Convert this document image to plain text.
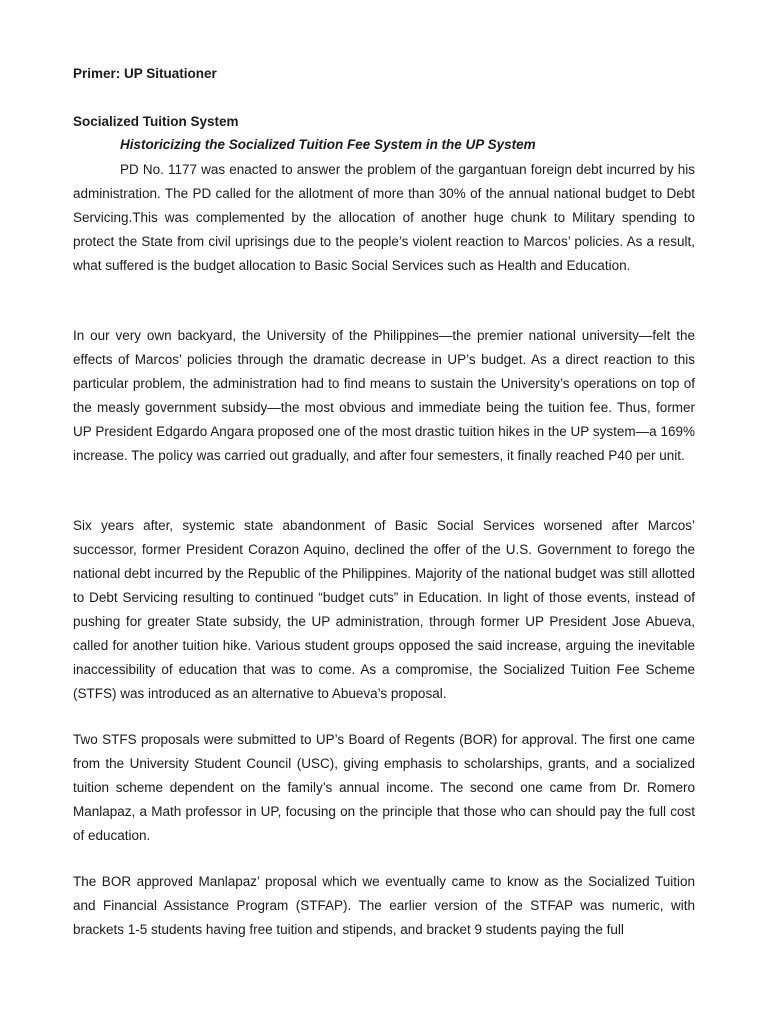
Primer: UP Situationer
Socialized Tuition System
Historicizing the Socialized Tuition Fee System in the UP System

PD No. 1177 was enacted to answer the problem of the gargantuan foreign debt incurred by his administration. The PD called for the allotment of more than 30% of the annual national budget to Debt Servicing.This was complemented by the allocation of another huge chunk to Military spending to protect the State from civil uprisings due to the people’s violent reaction to Marcos’ policies. As a result, what suffered is the budget allocation to Basic Social Services such as Health and Education.

In our very own backyard, the University of the Philippines—the premier national university—felt the effects of Marcos’ policies through the dramatic decrease in UP’s budget. As a direct reaction to this particular problem, the administration had to find means to sustain the University’s operations on top of the measly government subsidy—the most obvious and immediate being the tuition fee. Thus, former UP President Edgardo Angara proposed one of the most drastic tuition hikes in the UP system—a 169% increase. The policy was carried out gradually, and after four semesters, it finally reached P40 per unit.

Six years after, systemic state abandonment of Basic Social Services worsened after Marcos’ successor, former President Corazon Aquino, declined the offer of the U.S. Government to forego the national debt incurred by the Republic of the Philippines. Majority of the national budget was still allotted to Debt Servicing resulting to continued “budget cuts” in Education. In light of those events, instead of pushing for greater State subsidy, the UP administration, through former UP President Jose Abueva, called for another tuition hike. Various student groups opposed the said increase, arguing the inevitable inaccessibility of education that was to come. As a compromise, the Socialized Tuition Fee Scheme (STFS) was introduced as an alternative to Abueva’s proposal.

Two STFS proposals were submitted to UP’s Board of Regents (BOR) for approval. The first one came from the University Student Council (USC), giving emphasis to scholarships, grants, and a socialized tuition scheme dependent on the family’s annual income. The second one came from Dr. Romero Manlapaz, a Math professor in UP, focusing on the principle that those who can should pay the full cost of education.

The BOR approved Manlapaz’ proposal which we eventually came to know as the Socialized Tuition and Financial Assistance Program (STFAP). The earlier version of the STFAP was numeric, with brackets 1-5 students having free tuition and stipends, and bracket 9 students paying the full
